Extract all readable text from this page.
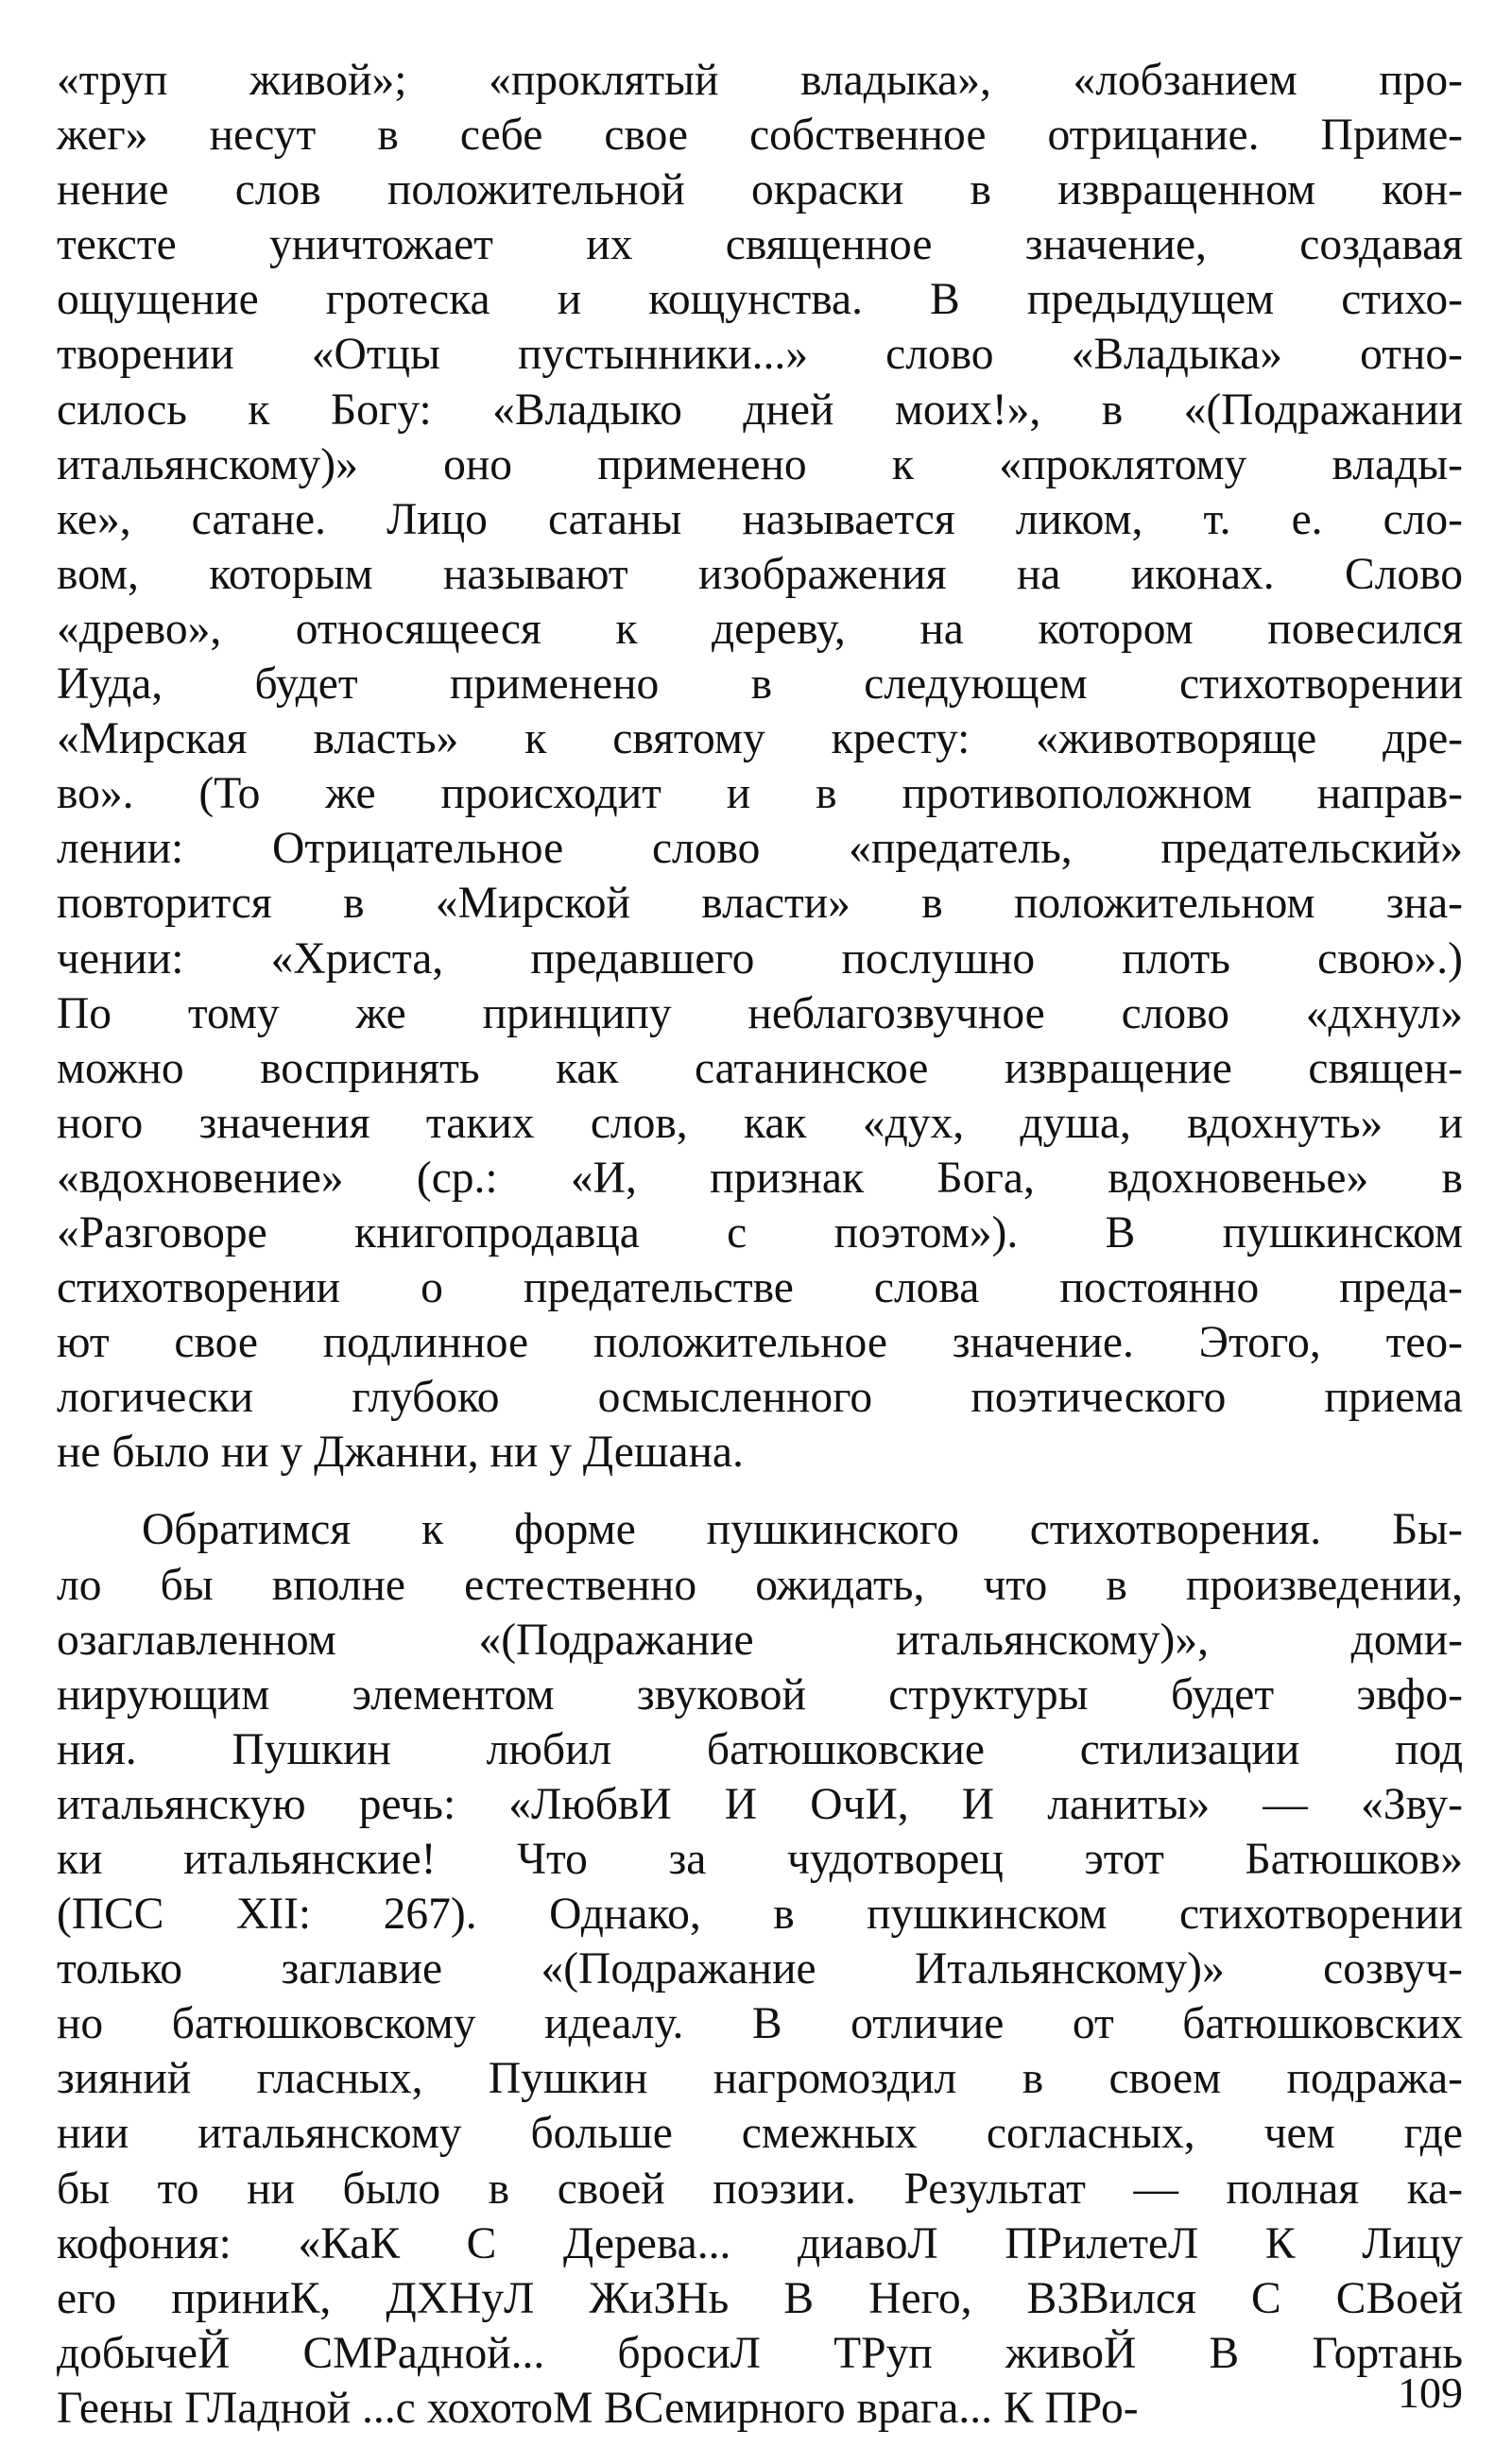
«труп живой»; «проклятый владыка», «лобзанием про-
жег» несут в себе свое собственное отрицание. Приме-
нение слов положительной окраски в извращенном кон-
тексте уничтожает их священное значение, создавая
ощущение гротеска и кощунства. В предыдущем стихо-
творении «Отцы пустынники...» слово «Владыка» отно-
силось к Богу: «Владыко дней моих!», в «(Подражании
итальянскому)» оно применено к «проклятому влады-
ке», сатане. Лицо сатаны называется ликом, т. е. сло-
вом, которым называют изображения на иконах. Слово
«древо», относящееся к дереву, на котором повесился
Иуда, будет применено в следующем стихотворении
«Мирская власть» к святому кресту: «животворяще дре-
во». (То же происходит и в противоположном направ-
лении: Отрицательное слово «предатель, предательский»
повторится в «Мирской власти» в положительном зна-
чении: «Христа, предавшего послушно плоть свою».)
По тому же принципу неблагозвучное слово «дхнул»
можно воспринять как сатанинское извращение священ-
ного значения таких слов, как «дух, душа, вдохнуть» и
«вдохновение» (ср.: «И, признак Бога, вдохновенье» в
«Разговоре книгопродавца с поэтом»). В пушкинском
стихотворении о предательстве слова постоянно преда-
ют свое подлинное положительное значение. Этого, тео-
логически глубоко осмысленного поэтического приема
не было ни у Джанни, ни у Дешана.

Обратимся к форме пушкинского стихотворения. Бы-
ло бы вполне естественно ожидать, что в произведении,
озаглавленном «(Подражание итальянскому)», доми-
нирующим элементом звуковой структуры будет эвфо-
ния. Пушкин любил батюшковские стилизации под
итальянскую речь: «ЛюбвИ И ОчИ, И ланиты» — «Зву-
ки итальянские! Что за чудотворец этот Батюшков»
(ПСС XII: 267). Однако, в пушкинском стихотворении
только заглавие «(Подражание Итальянскому)» созвуч-
но батюшковскому идеалу. В отличие от батюшковских
зияний гласных, Пушкин нагромоздил в своем подража-
нии итальянскому больше смежных согласных, чем где
бы то ни было в своей поэзии. Результат — полная ка-
кофония: «КаК С Дерева... диавоЛ ПРилетеЛ К Лицу
его приниК, ДХНуЛ ЖиЗНь В Него, ВЗВился С СВоей
добычеЙ СМРадной... бросиЛ ТРуп живоЙ В Гортань
Геены ГЛадной ...с хохотоМ ВСемирного врага... К ПРо-	109
